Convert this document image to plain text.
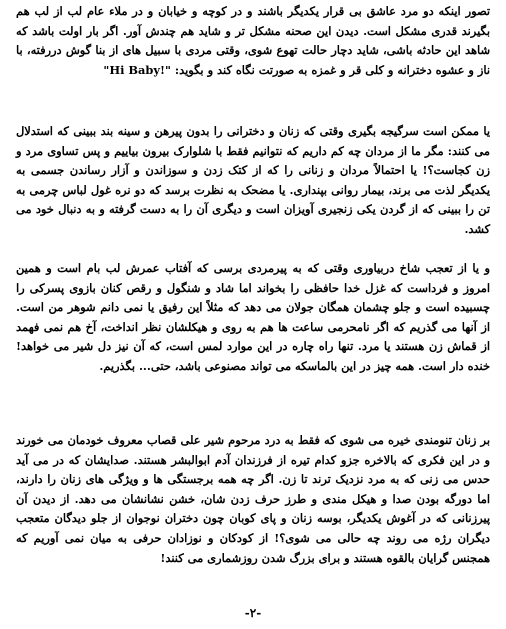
تصور اینکه دو مرد عاشق بی قرار یکدیگر باشند و در کوچه و خیابان و در ملاء عام لب از لب هم بگیرند قدری مشکل است. دیدن این صحنه مشکل تر و شاید هم چندش آور. اگر بار اولت باشد که شاهد این حادثه باشی، شاید دچار حالت تهوع شوی، وقتی مردی با سبیل های از بنا گوش دررفته، با ناز و عشوه دخترانه و کلی قر و غمزه به صورتت نگاه کند و بگوید: "!Hi Baby"

یا ممکن است سرگیجه بگیری وقتی که زنان و دخترانی را بدون پیرهن و سینه بند ببینی که استدلال می کنند: مگر ما از مردان چه کم داریم که نتوانیم فقط با شلوارک بیرون بیاییم و پس تساوی مرد و زن کجاست؟! یا احتمالاً مردان و زنانی را که از کتک زدن و سوزاندن و آزار رساندن جسمی به یکدیگر لذت می برند، بیمار روانی بپنداری. یا مضحک به نظرت برسد که دو نره غول لباس چرمی به تن را ببینی که از گردن یکی زنجیری آویزان است و دیگری آن را به دست گرفته و به دنبال خود می کشد.

و یا از تعجب شاخ دربیاوری وقتی که به پیرمردی برسی که آفتاب عمرش لب بام است و همین امروز و فرداست که غزل خدا حافظی را بخواند اما شاد و شنگول و رقص کنان بازوی پسرکی را چسبیده است و جلو چشمان همگان جولان می دهد که مثلاً این رفیق یا نمی دانم شوهر من است. از آنها می گذریم که اگر نامحرمی ساعت ها هم به روی و هیکلشان نظر انداخت، آخ هم نمی فهمد از قماش زن هستند یا مرد. تنها راه چاره در این موارد لمس است، که آن نیز دل شیر می خواهد! خنده دار است. همه چیز در این بالماسکه می تواند مصنوعی باشد، حتی... بگذریم.

بر زنان تنومندی خیره می شوی که فقط به درد مرحوم شیر علی قصاب معروف خودمان می خورند و در این فکری که بالاخره جزو کدام تیره از فرزندان آدم ابوالبشر هستند. صدایشان که در می آید حدس می زنی که به مرد نزدیک ترند تا زن. اگر چه همه برجستگی ها و ویژگی های زنان را دارند، اما دورگه بودن صدا و هیکل مندی و طرز حرف زدن شان، خشن نشانشان می دهد. از دیدن آن پیرزنانی که در آغوش یکدیگر، بوسه زنان و پای کوبان چون دختران نوجوان از جلو دیدگان متعجب دیگران رژه می روند چه حالی می شوی؟! از کودکان و نوزادان حرفی به میان نمی آوریم که همجنس گرایان بالقوه هستند و برای بزرگ شدن روزشماری می کنند!

-۲-
